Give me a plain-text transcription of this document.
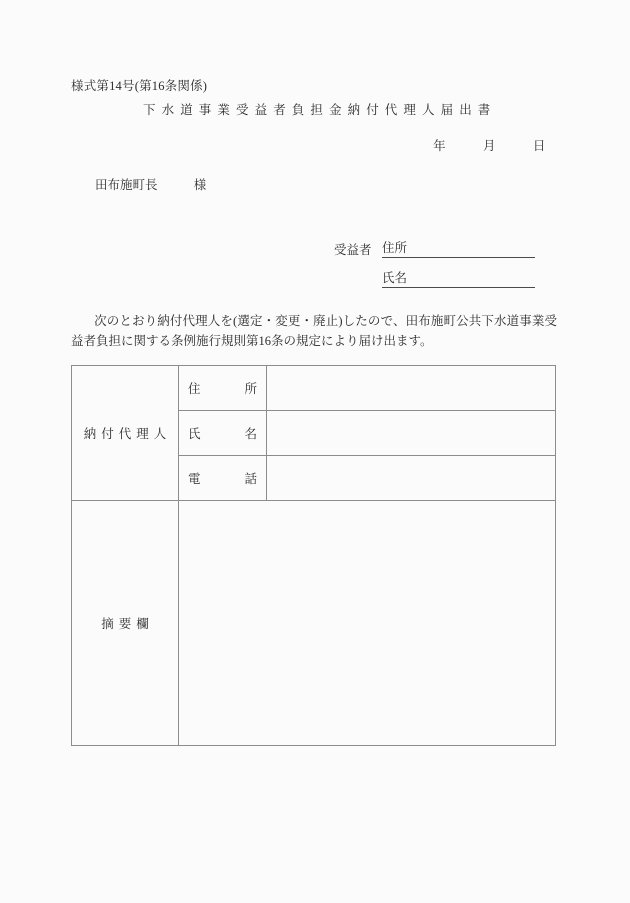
様式第14号(第16条関係)
下水道事業受益者負担金納付代理人届出書
年	月	日
田布施町長	様
受益者 住所
氏名
次のとおり納付代理人を(選定・変更・廃止)したので、田布施町公共下水道事業受益者負担に関する条例施行規則第16条の規定により届け出ます。
納付代理人	住 所	

	氏 名	

	電 話	

摘要欄		
